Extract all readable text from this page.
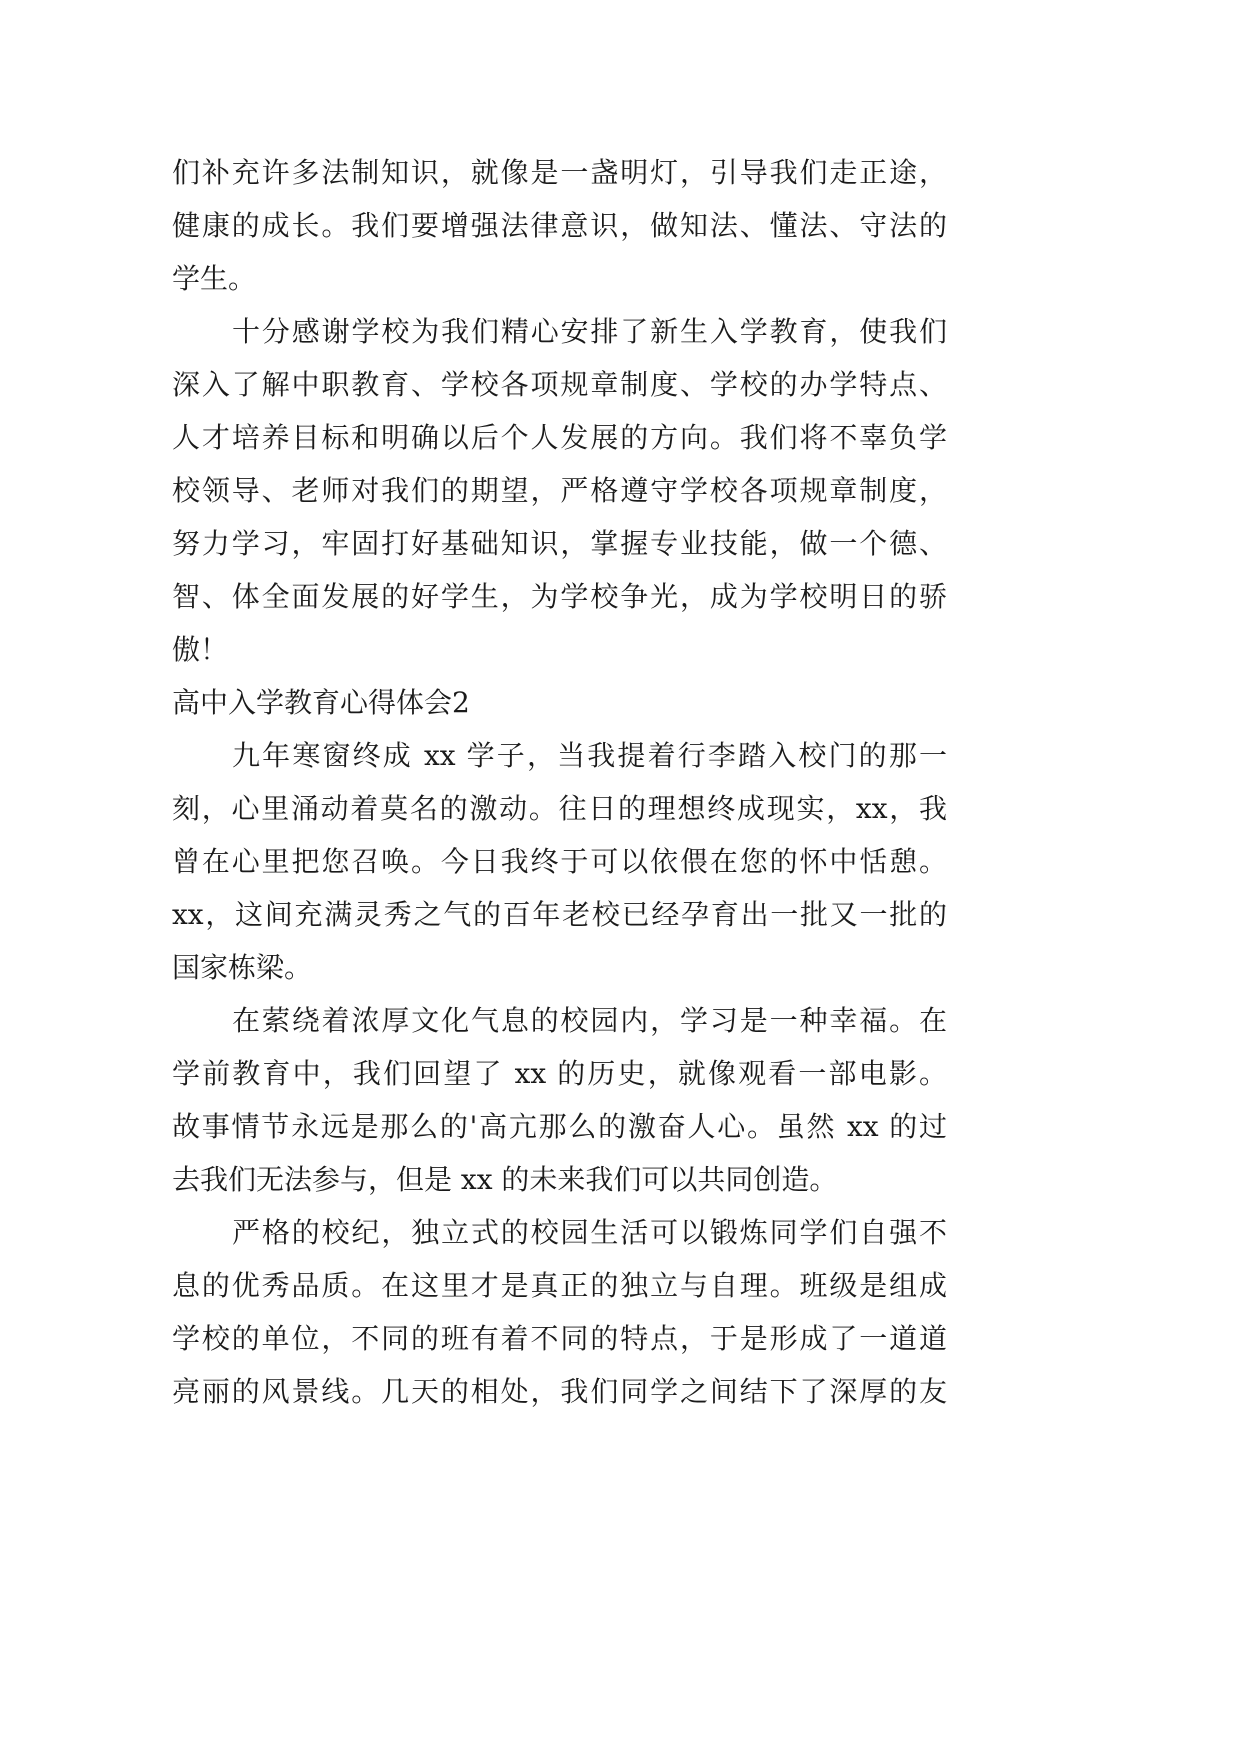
们补充许多法制知识，就像是一盏明灯，引导我们走正途，
健康的成长。我们要增强法律意识，做知法、懂法、守法的
学生。
十分感谢学校为我们精心安排了新生入学教育，使我们
深入了解中职教育、学校各项规章制度、学校的办学特点、
人才培养目标和明确以后个人发展的方向。我们将不辜负学
校领导、老师对我们的期望，严格遵守学校各项规章制度，
努力学习，牢固打好基础知识，掌握专业技能，做一个德、
智、体全面发展的好学生，为学校争光，成为学校明日的骄
傲！
高中入学教育心得体会2
九年寒窗终成 xx 学子，当我提着行李踏入校门的那一
刻，心里涌动着莫名的激动。往日的理想终成现实，xx，我
曾在心里把您召唤。今日我终于可以依偎在您的怀中恬憩。
xx，这间充满灵秀之气的百年老校已经孕育出一批又一批的
国家栋梁。
在萦绕着浓厚文化气息的校园内，学习是一种幸福。在
学前教育中，我们回望了 xx 的历史，就像观看一部电影。
故事情节永远是那么的'高亢那么的激奋人心。虽然 xx 的过
去我们无法参与，但是 xx 的未来我们可以共同创造。
严格的校纪，独立式的校园生活可以锻炼同学们自强不
息的优秀品质。在这里才是真正的独立与自理。班级是组成
学校的单位，不同的班有着不同的特点，于是形成了一道道
亮丽的风景线。几天的相处，我们同学之间结下了深厚的友
